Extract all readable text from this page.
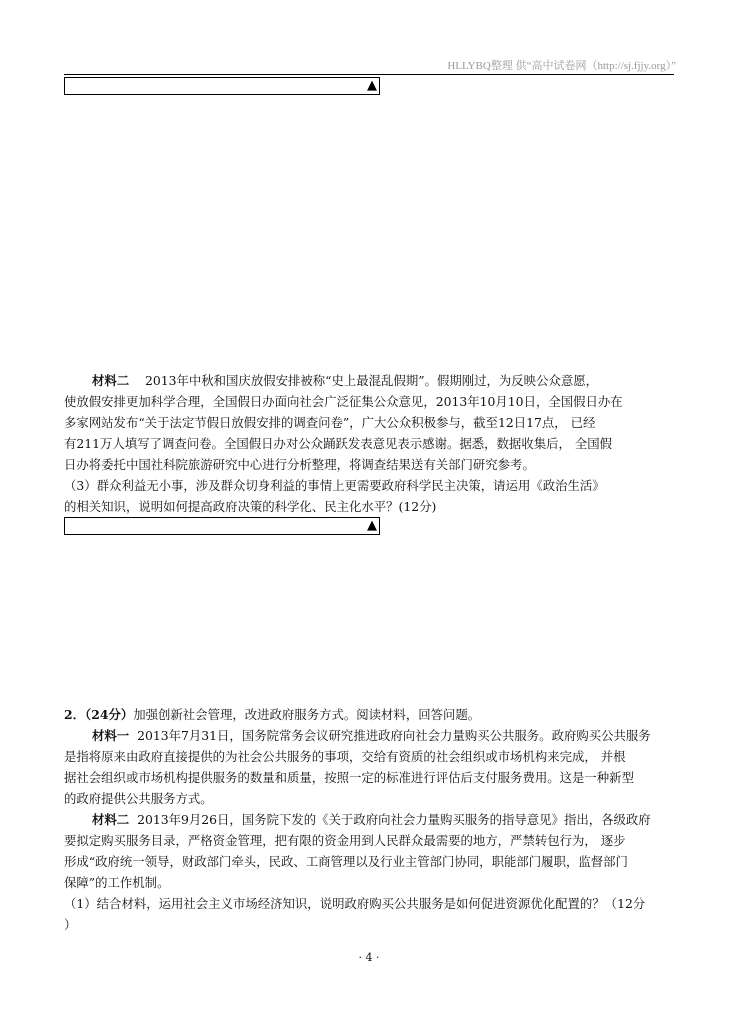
HLLYBQ整理 供“高中试卷网（http://sj.fjjy.org）”
▲
材料二 2013年中秋和国庆放假安排被称“史上最混乱假期”。假期刚过，为反映公众意愿，
使放假安排更加科学合理，全国假日办面向社会广泛征集公众意见，2013年10月10日，全国假日办在
多家网站发布“关于法定节假日放假安排的调查问卷”，广大公众积极参与，截至12日17点， 已经
有211万人填写了调查问卷。全国假日办对公众踊跃发表意见表示感谢。据悉，数据收集后， 全国假
日办将委托中国社科院旅游研究中心进行分析整理，将调查结果送有关部门研究参考。
（3）群众利益无小事，涉及群众切身利益的事情上更需要政府科学民主决策，请运用《政治生活》
的相关知识，说明如何提高政府决策的科学化、民主化水平？(12分)
▲
2．（24分）加强创新社会管理，改进政府服务方式。阅读材料，回答问题。
材料一 2013年7月31日，国务院常务会议研究推进政府向社会力量购买公共服务。政府购买公共服务
是指将原来由政府直接提供的为社会公共服务的事项，交给有资质的社会组织或市场机构来完成， 并根
据社会组织或市场机构提供服务的数量和质量，按照一定的标准进行评估后支付服务费用。这是一种新型
的政府提供公共服务方式。
材料二 2013年9月26日，国务院下发的《关于政府向社会力量购买服务的指导意见》指出，各级政府
要拟定购买服务目录，严格资金管理，把有限的资金用到人民群众最需要的地方，严禁转包行为， 逐步
形成“政府统一领导，财政部门牵头，民政、工商管理以及行业主管部门协同，职能部门履职，监督部门
保障”的工作机制。
（1）结合材料，运用社会主义市场经济知识，说明政府购买公共服务是如何促进资源优化配置的？（12分
）
· 4 ·
